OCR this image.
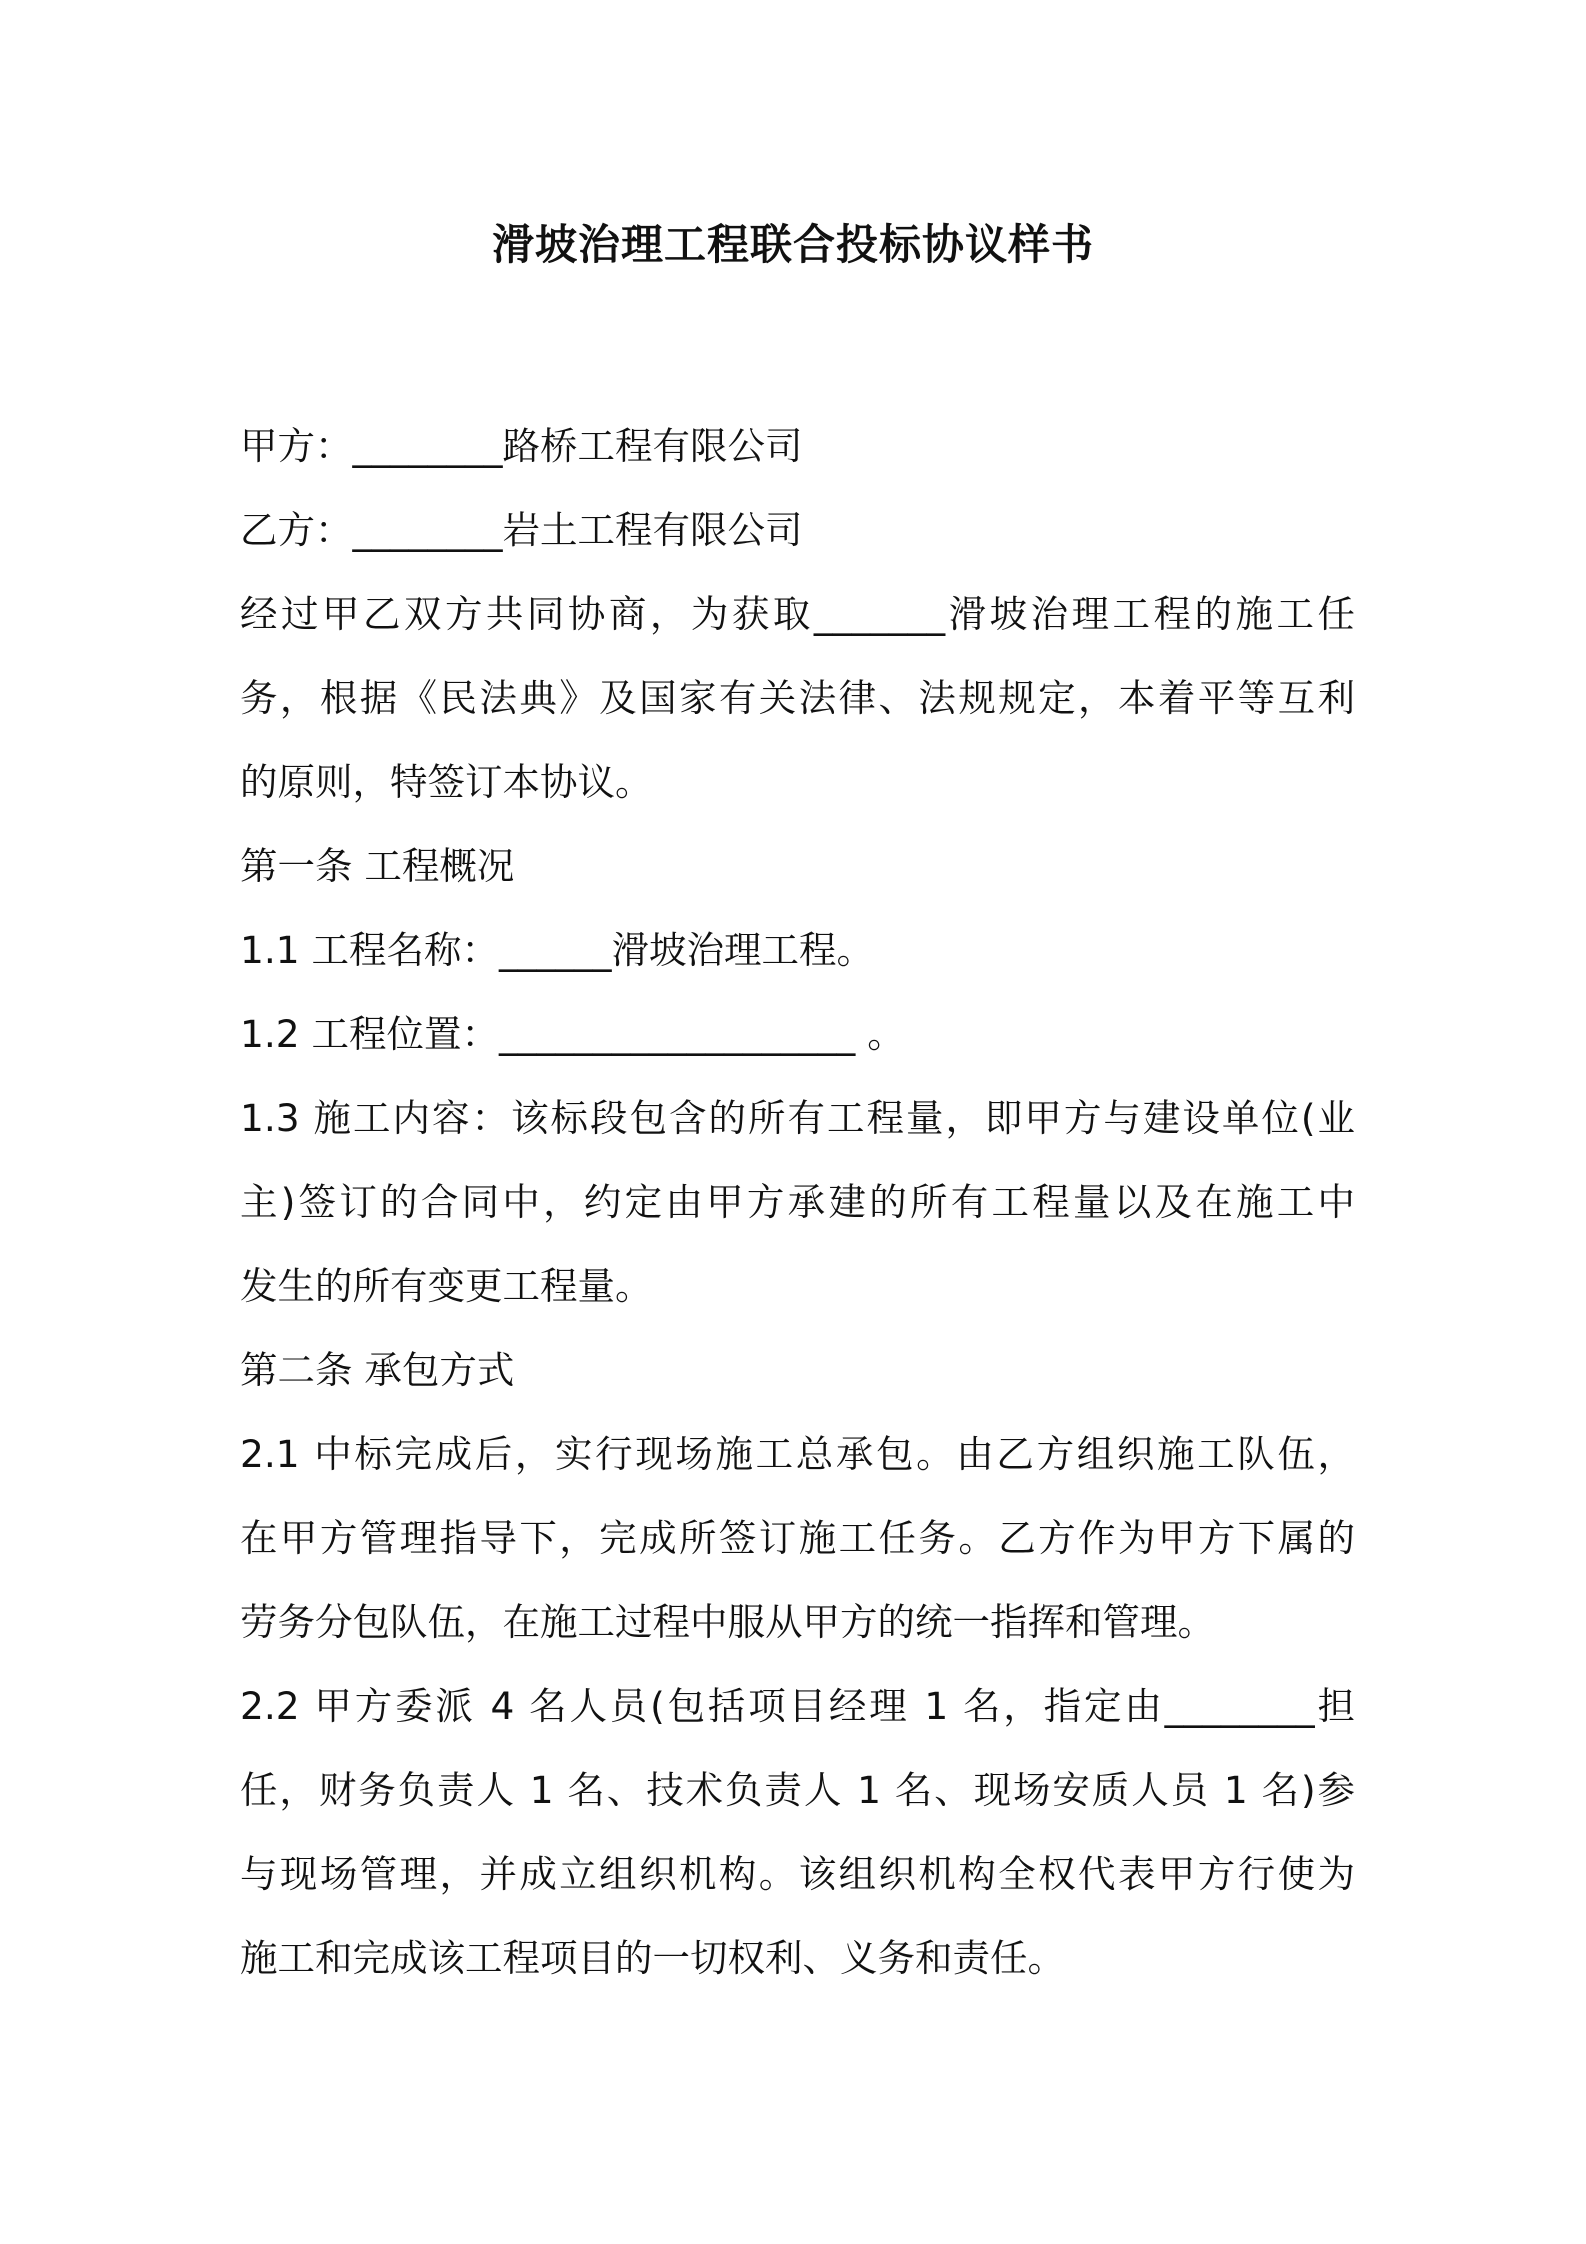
滑坡治理工程联合投标协议样书
甲方：________路桥工程有限公司
乙方：________岩土工程有限公司
经过甲乙双方共同协商，为获取_______滑坡治理工程的施工任
务，根据《民法典》及国家有关法律、法规规定，本着平等互利
的原则，特签订本协议。
第一条 工程概况
1.1 工程名称：______滑坡治理工程。
1.2 工程位置：___________________ 。
1.3 施工内容：该标段包含的所有工程量，即甲方与建设单位(业
主)签订的合同中，约定由甲方承建的所有工程量以及在施工中
发生的所有变更工程量。
第二条 承包方式
2.1 中标完成后，实行现场施工总承包。由乙方组织施工队伍，
在甲方管理指导下，完成所签订施工任务。乙方作为甲方下属的
劳务分包队伍，在施工过程中服从甲方的统一指挥和管理。
2.2 甲方委派 4 名人员(包括项目经理 1 名，指定由________担
任，财务负责人 1 名、技术负责人 1 名、现场安质人员 1 名)参
与现场管理，并成立组织机构。该组织机构全权代表甲方行使为
施工和完成该工程项目的一切权利、义务和责任。
